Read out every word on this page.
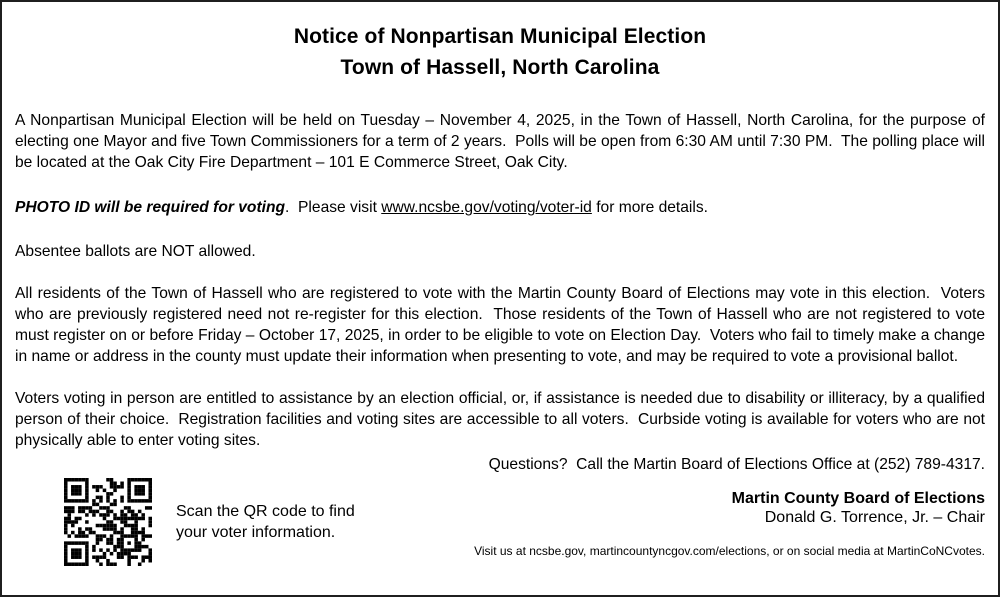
Notice of Nonpartisan Municipal Election
Town of Hassell, North Carolina

A Nonpartisan Municipal Election will be held on Tuesday – November 4, 2025, in the Town of Hassell, North Carolina, for the purpose of electing one Mayor and five Town Commissioners for a term of 2 years.  Polls will be open from 6:30 AM until 7:30 PM.  The polling place will be located at the Oak City Fire Department – 101 E Commerce Street, Oak City.

PHOTO ID will be required for voting.  Please visit www.ncsbe.gov/voting/voter-id for more details.

Absentee ballots are NOT allowed.

All residents of the Town of Hassell who are registered to vote with the Martin County Board of Elections may vote in this election.  Voters who are previously registered need not re-register for this election.  Those residents of the Town of Hassell who are not registered to vote must register on or before Friday – October 17, 2025, in order to be eligible to vote on Election Day.  Voters who fail to timely make a change in name or address in the county must update their information when presenting to vote, and may be required to vote a provisional ballot.

Voters voting in person are entitled to assistance by an election official, or, if assistance is needed due to disability or illiteracy, by a qualified person of their choice.  Registration facilities and voting sites are accessible to all voters.  Curbside voting is available for voters who are not physically able to enter voting sites.

Questions?  Call the Martin Board of Elections Office at (252) 789-4317.

Scan the QR code to find your voter information.
Martin County Board of Elections
Donald G. Torrence, Jr. – Chair
Visit us at ncsbe.gov, martincountyncgov.com/elections, or on social media at MartinCoNCvotes.
